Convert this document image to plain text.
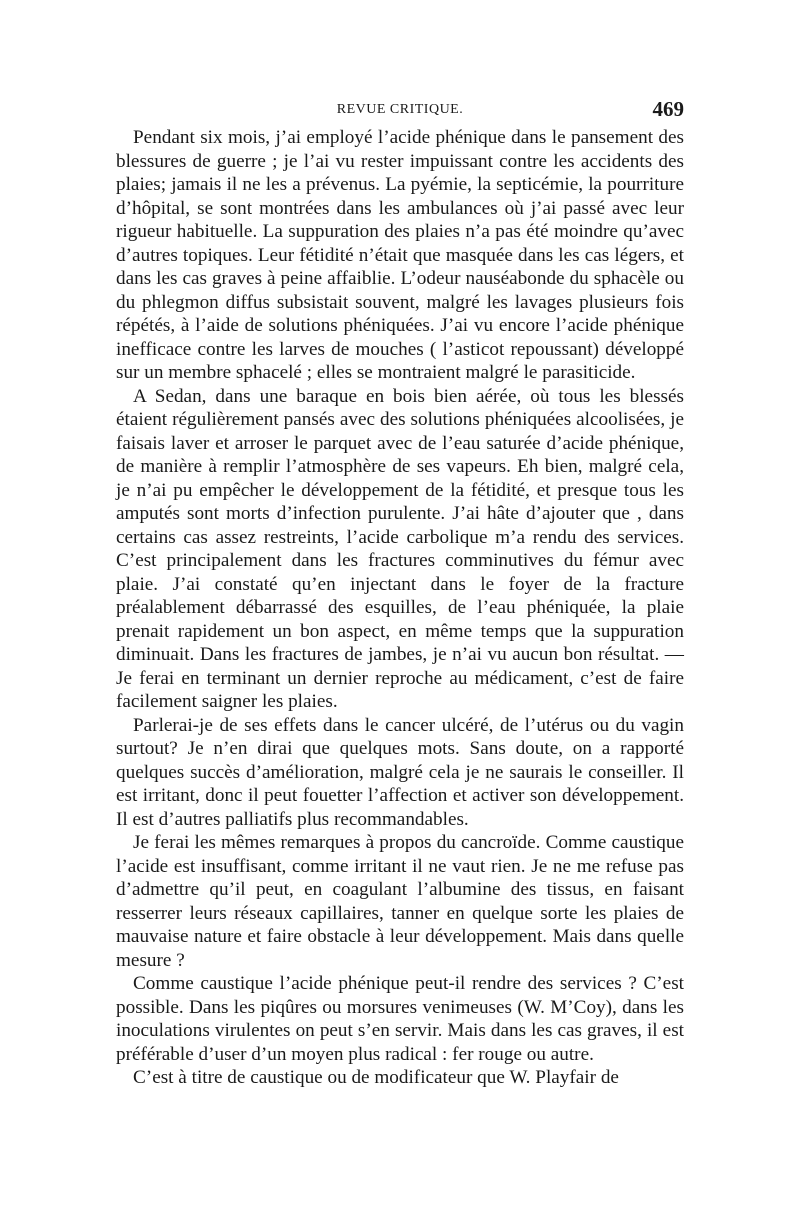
REVUE CRITIQUE.	469

Pendant six mois, j’ai employé l’acide phénique dans le pansement des blessures de guerre ; je l’ai vu rester impuissant contre les accidents des plaies; jamais il ne les a prévenus. La pyémie, la septicémie, la pourriture d’hôpital, se sont montrées dans les ambulances où j’ai passé avec leur rigueur habituelle. La suppuration des plaies n’a pas été moindre qu’avec d’autres topiques. Leur fétidité n’était que masquée dans les cas légers, et dans les cas graves à peine affaiblie. L’odeur nauséabonde du sphacèle ou du phlegmon diffus subsistait souvent, malgré les lavages plusieurs fois répétés, à l’aide de solutions phéniquées. J’ai vu encore l’acide phénique inefficace contre les larves de mouches ( l’asticot repoussant) développé sur un membre sphacelé ; elles se montraient malgré le parasiticide.

A Sedan, dans une baraque en bois bien aérée, où tous les blessés étaient régulièrement pansés avec des solutions phéniquées alcoolisées, je faisais laver et arroser le parquet avec de l’eau saturée d’acide phénique, de manière à remplir l’atmosphère de ses vapeurs. Eh bien, malgré cela, je n’ai pu empêcher le développement de la fétidité, et presque tous les amputés sont morts d’infection purulente. J’ai hâte d’ajouter que , dans certains cas assez restreints, l’acide carbolique m’a rendu des services. C’est principalement dans les fractures comminutives du fémur avec plaie. J’ai constaté qu’en injectant dans le foyer de la fracture préalablement débarrassé des esquilles, de l’eau phéniquée, la plaie prenait rapidement un bon aspect, en même temps que la suppuration diminuait. Dans les fractures de jambes, je n’ai vu aucun bon résultat. — Je ferai en terminant un dernier reproche au médicament, c’est de faire facilement saigner les plaies.

Parlerai-je de ses effets dans le cancer ulcéré, de l’utérus ou du vagin surtout? Je n’en dirai que quelques mots. Sans doute, on a rapporté quelques succès d’amélioration, malgré cela je ne saurais le conseiller. Il est irritant, donc il peut fouetter l’affection et activer son développement. Il est d’autres palliatifs plus recommandables.

Je ferai les mêmes remarques à propos du cancroïde. Comme caustique l’acide est insuffisant, comme irritant il ne vaut rien. Je ne me refuse pas d’admettre qu’il peut, en coagulant l’albumine des tissus, en faisant resserrer leurs réseaux capillaires, tanner en quelque sorte les plaies de mauvaise nature et faire obstacle à leur développement. Mais dans quelle mesure ?

Comme caustique l’acide phénique peut-il rendre des services ? C’est possible. Dans les piqûres ou morsures venimeuses (W. M’Coy), dans les inoculations virulentes on peut s’en servir. Mais dans les cas graves, il est préférable d’user d’un moyen plus radical : fer rouge ou autre.

C’est à titre de caustique ou de modificateur que W. Playfair de
